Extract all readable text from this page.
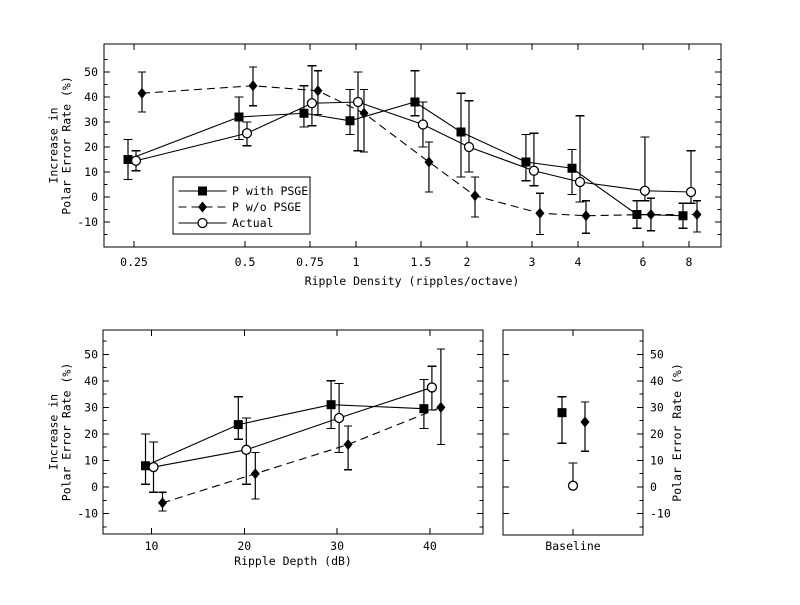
0.25	0.5	0.75 1	1.5	2	3	4	6	8
-10
0
10
20
30
40
50
Ripple Density (ripples/octave)
Increase inPolar Error Rate (%)	P with PSGE
P w/o PSGE
Actual
10	20	30	40
-10
0
10
20
30
40
50
Ripple Depth (dB)
Increase inPolar Error Rate (%)
Baseline
-10
0
10
20
30
40
50
Polar Error Rate (%)
